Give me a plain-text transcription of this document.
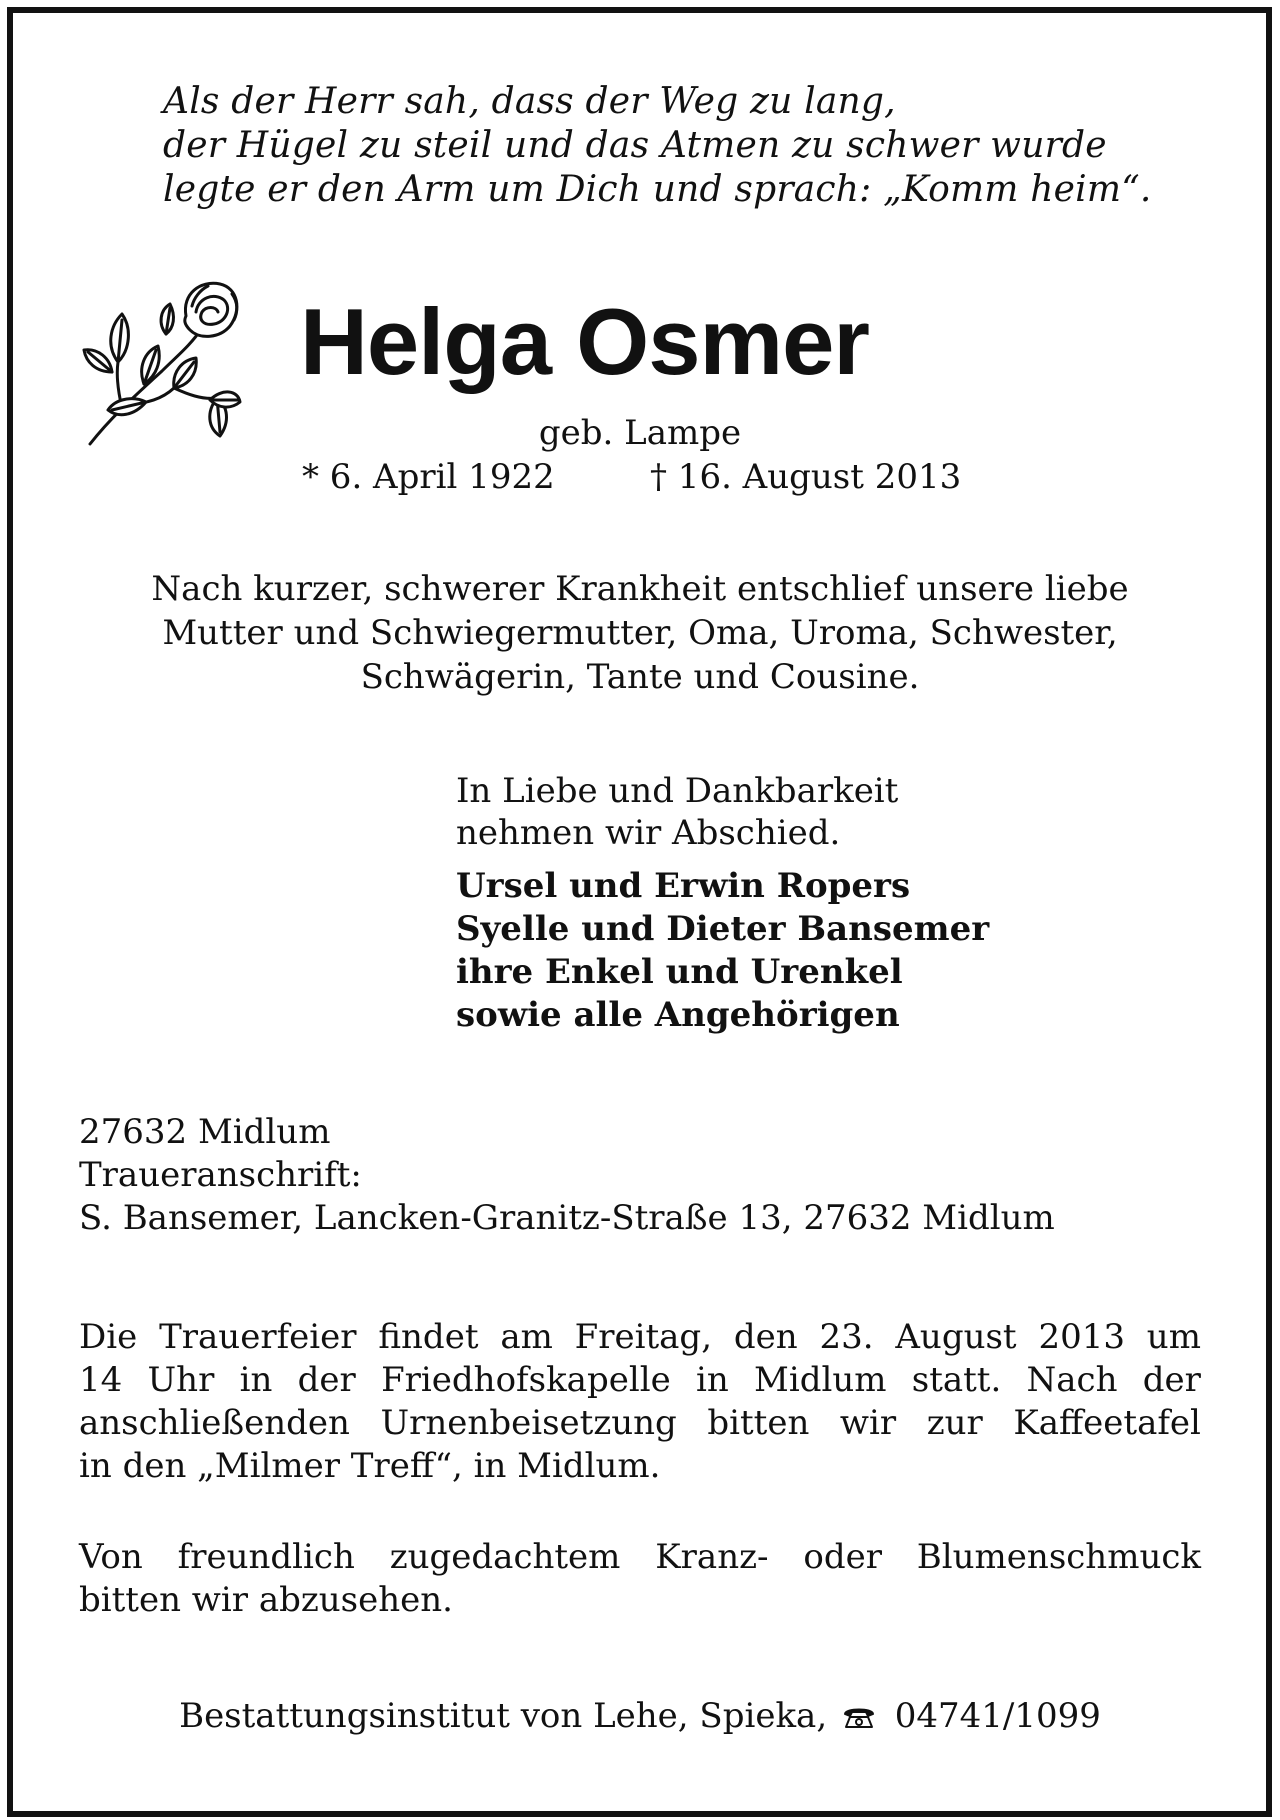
Als der Herr sah, dass der Weg zu lang,
der Hügel zu steil und das Atmen zu schwer wurde
legte er den Arm um Dich und sprach: „Komm heim“.
Helga Osmer
geb. Lampe
* 6. April 1922	† 16. August 2013
Nach kurzer, schwerer Krankheit entschlief unsere liebe
Mutter und Schwiegermutter, Oma, Uroma, Schwester,
Schwägerin, Tante und Cousine.
In Liebe und Dankbarkeit
nehmen wir Abschied.
Ursel und Erwin Ropers
Syelle und Dieter Bansemer
ihre Enkel und Urenkel
sowie alle Angehörigen
27632 Midlum
Traueranschrift:
S. Bansemer, Lancken-Granitz-Straße 13, 27632 Midlum
Die Trauerfeier findet am Freitag, den 23. August 2013 um
14 Uhr in der Friedhofskapelle in Midlum statt. Nach der
anschließenden Urnenbeisetzung bitten wir zur Kaffeetafel
in den „Milmer Treff“, in Midlum.
Von freundlich zugedachtem Kranz- oder Blumenschmuck
bitten wir abzusehen.
Bestattungsinstitut von Lehe, Spieka, 04741/1099
